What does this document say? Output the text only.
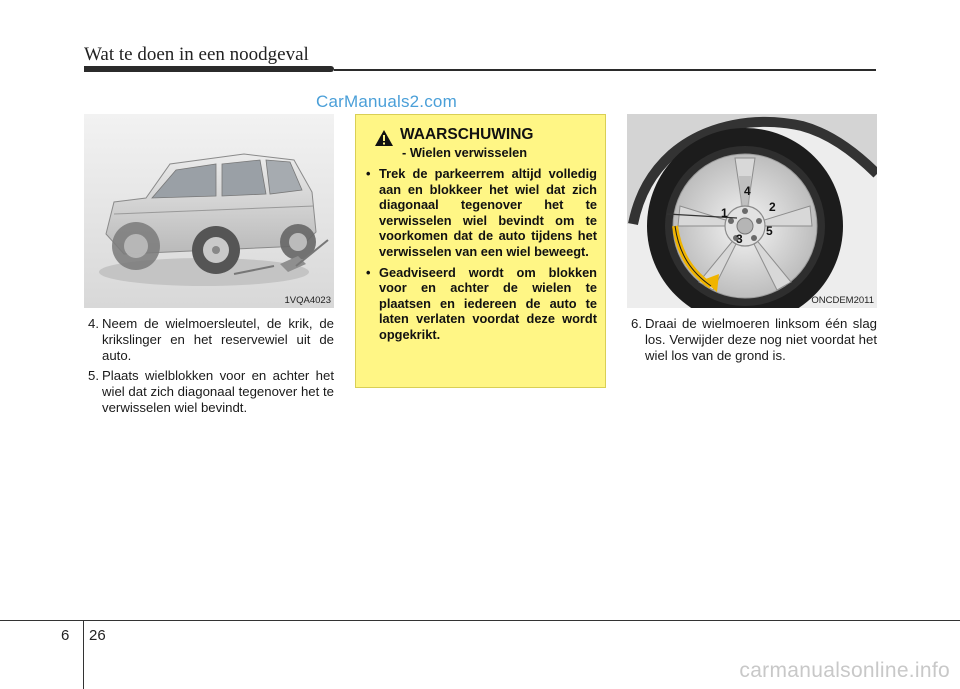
Wat te doen in een noodgeval
CarManuals2.com
1VQA4023
4. Neem de wielmoersleutel, de krik, de krikslinger en het reservewiel uit de auto.
5. Plaats wielblokken voor en achter het wiel dat zich diagonaal tegenover het te verwisselen wiel bevindt.
WAARSCHUWING
- Wielen verwisselen
• Trek de parkeerrem altijd volledig aan en blokkeer het wiel dat zich diagonaal tegenover het te verwisselen wiel bevindt om te voorkomen dat de auto tijdens het verwisselen van een wiel beweegt.
• Geadviseerd wordt om blokken voor en achter de wielen te plaatsen en iedereen de auto te laten verlaten voordat deze wordt opgekrikt.
1	2
3
4
5
ONCDEM2011
6. Draai de wielmoeren linksom één slag los. Verwijder deze nog niet voordat het wiel los van de grond is.
6 26
carmanualsonline.info
